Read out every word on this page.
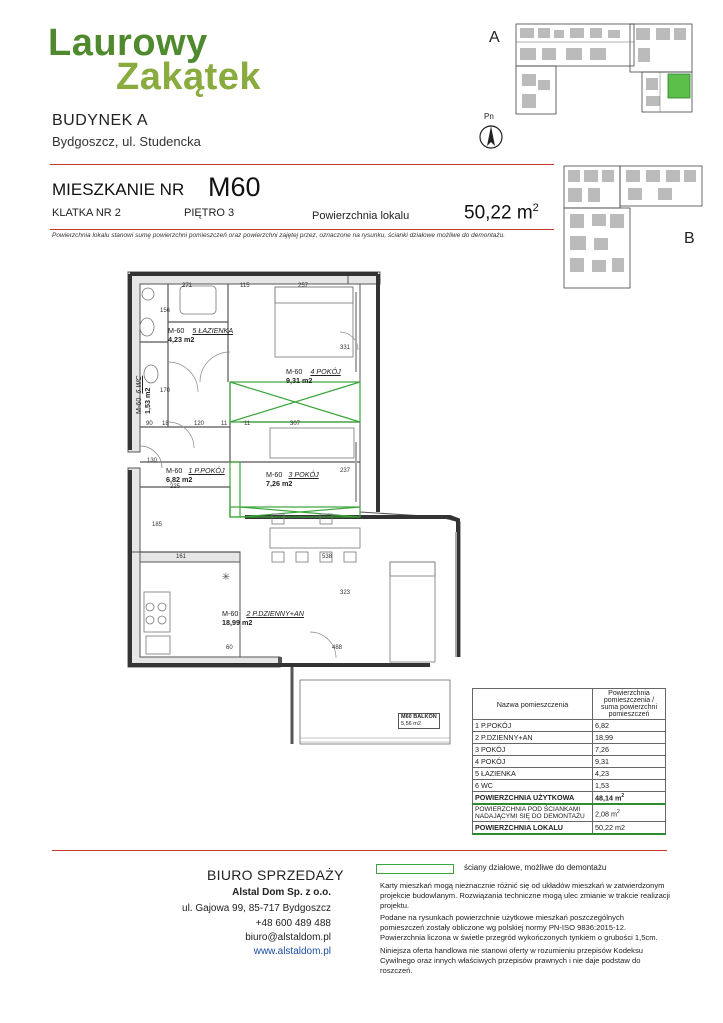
Laurowy
Zakątek
BUDYNEK A
Bydgoszcz, ul. Studencka
MIESZKANIE NR M60
KLATKA NR 2	PIĘTRO 3	Powierzchnia lokalu	50,22 $m^2$
Powierzchnia lokalu stanowi sumę powierzchni pomieszczeń oraz powierzchni zajętej przez, oznaczone na rysunku, ścianki działowe możliwe do demontażu.
A
B
Pn
✳
M-60 5 ŁAZIENKA
4,23 m2
M-60 4 POKÓJ
9,31 m2
M-60  6 WC
1,53 m2
M-60 1 P.POKÓJ
6,82 m2
M-60 3 POKÓJ
7,26 m2
M-60 2 P.DZIENNY+AN
18,99 m2
M60 BALKON
5,56 m2
271	115	257
331
156
170
90 18	120	11	11	307
130
225
237
185
161	538
323
488
60
Nazwa pomieszczenia	Powierzchnia pomieszczenia / suma powierzchni pomieszczeń
1 P.POKÓJ	6,82
2 P.DZIENNY+AN	18,99
3 POKÓJ	7,26
4 POKÓJ	9,31
5 ŁAZIENKA	4,23
6 WC	1,53
POWIERZCHNIA UŻYTKOWA	48,14 $m^2$
POWIERZCHNIA POD ŚCIANKAMI NADAJĄCYMI SIĘ DO DEMONTAŻU	2,08 $m^2$
POWIERZCHNIA LOKALU	50,22 m2
BIURO SPRZEDAŻY
Alstal Dom Sp. z o.o.
ul. Gajowa 99, 85-717 Bydgoszcz
+48 600 489 488
biuro@alstaldom.pl
www.alstaldom.pl
ściany działowe, możliwe do demontażu
Karty mieszkań mogą nieznacznie różnić się od układów mieszkań w zatwierdzonym projekcie budowlanym. Rozwiązania techniczne mogą ulec zmianie w trakcie realizacji projektu.
Podane na rysunkach powierzchnie użytkowe mieszkań poszczególnych pomieszczeń zostały obliczone wg polskiej normy PN-ISO 9836:2015-12. Powierzchnia liczona w świetle przegród wykończonych tynkiem o grubości 1,5cm.
Niniejsza oferta handlowa nie stanowi oferty w rozumieniu przepisów Kodeksu Cywilnego oraz innych właściwych przepisów prawnych i nie daje podstaw do roszczeń.
